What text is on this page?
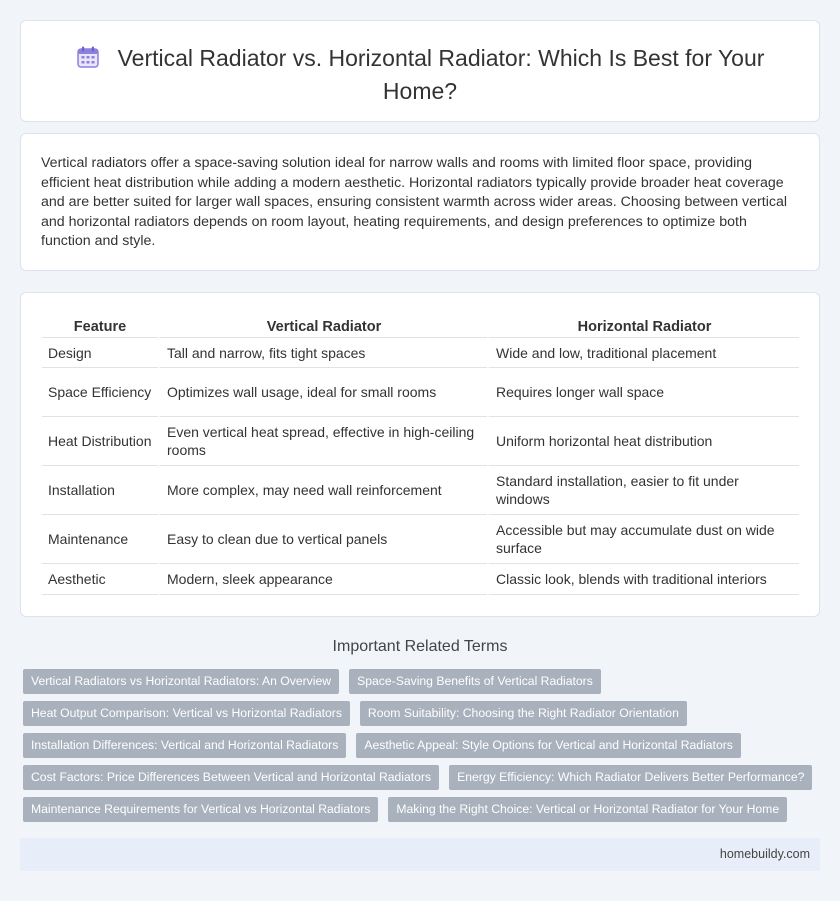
Vertical Radiator vs. Horizontal Radiator: Which Is Best for Your Home?

Vertical radiators offer a space-saving solution ideal for narrow walls and rooms with limited floor space, providing efficient heat distribution while adding a modern aesthetic. Horizontal radiators typically provide broader heat coverage and are better suited for larger wall spaces, ensuring consistent warmth across wider areas. Choosing between vertical and horizontal radiators depends on room layout, heating requirements, and design preferences to optimize both function and style.

Feature	Vertical Radiator	Horizontal Radiator
Design	Tall and narrow, fits tight spaces	Wide and low, traditional placement
Space Efficiency	Optimizes wall usage, ideal for small rooms	Requires longer wall space
Heat Distribution	Even vertical heat spread, effective in high-ceiling rooms	Uniform horizontal heat distribution
Installation	More complex, may need wall reinforcement	Standard installation, easier to fit under windows
Maintenance	Easy to clean due to vertical panels	Accessible but may accumulate dust on wide surface
Aesthetic	Modern, sleek appearance	Classic look, blends with traditional interiors
Important Related Terms
Vertical Radiators vs Horizontal Radiators: An Overview Space-Saving Benefits of Vertical Radiators
Heat Output Comparison: Vertical vs Horizontal Radiators Room Suitability: Choosing the Right Radiator Orientation
Installation Differences: Vertical and Horizontal Radiators Aesthetic Appeal: Style Options for Vertical and Horizontal Radiators
Cost Factors: Price Differences Between Vertical and Horizontal Radiators Energy Efficiency: Which Radiator Delivers Better Performance?
Maintenance Requirements for Vertical vs Horizontal Radiators Making the Right Choice: Vertical or Horizontal Radiator for Your Home
homebuildy.com
